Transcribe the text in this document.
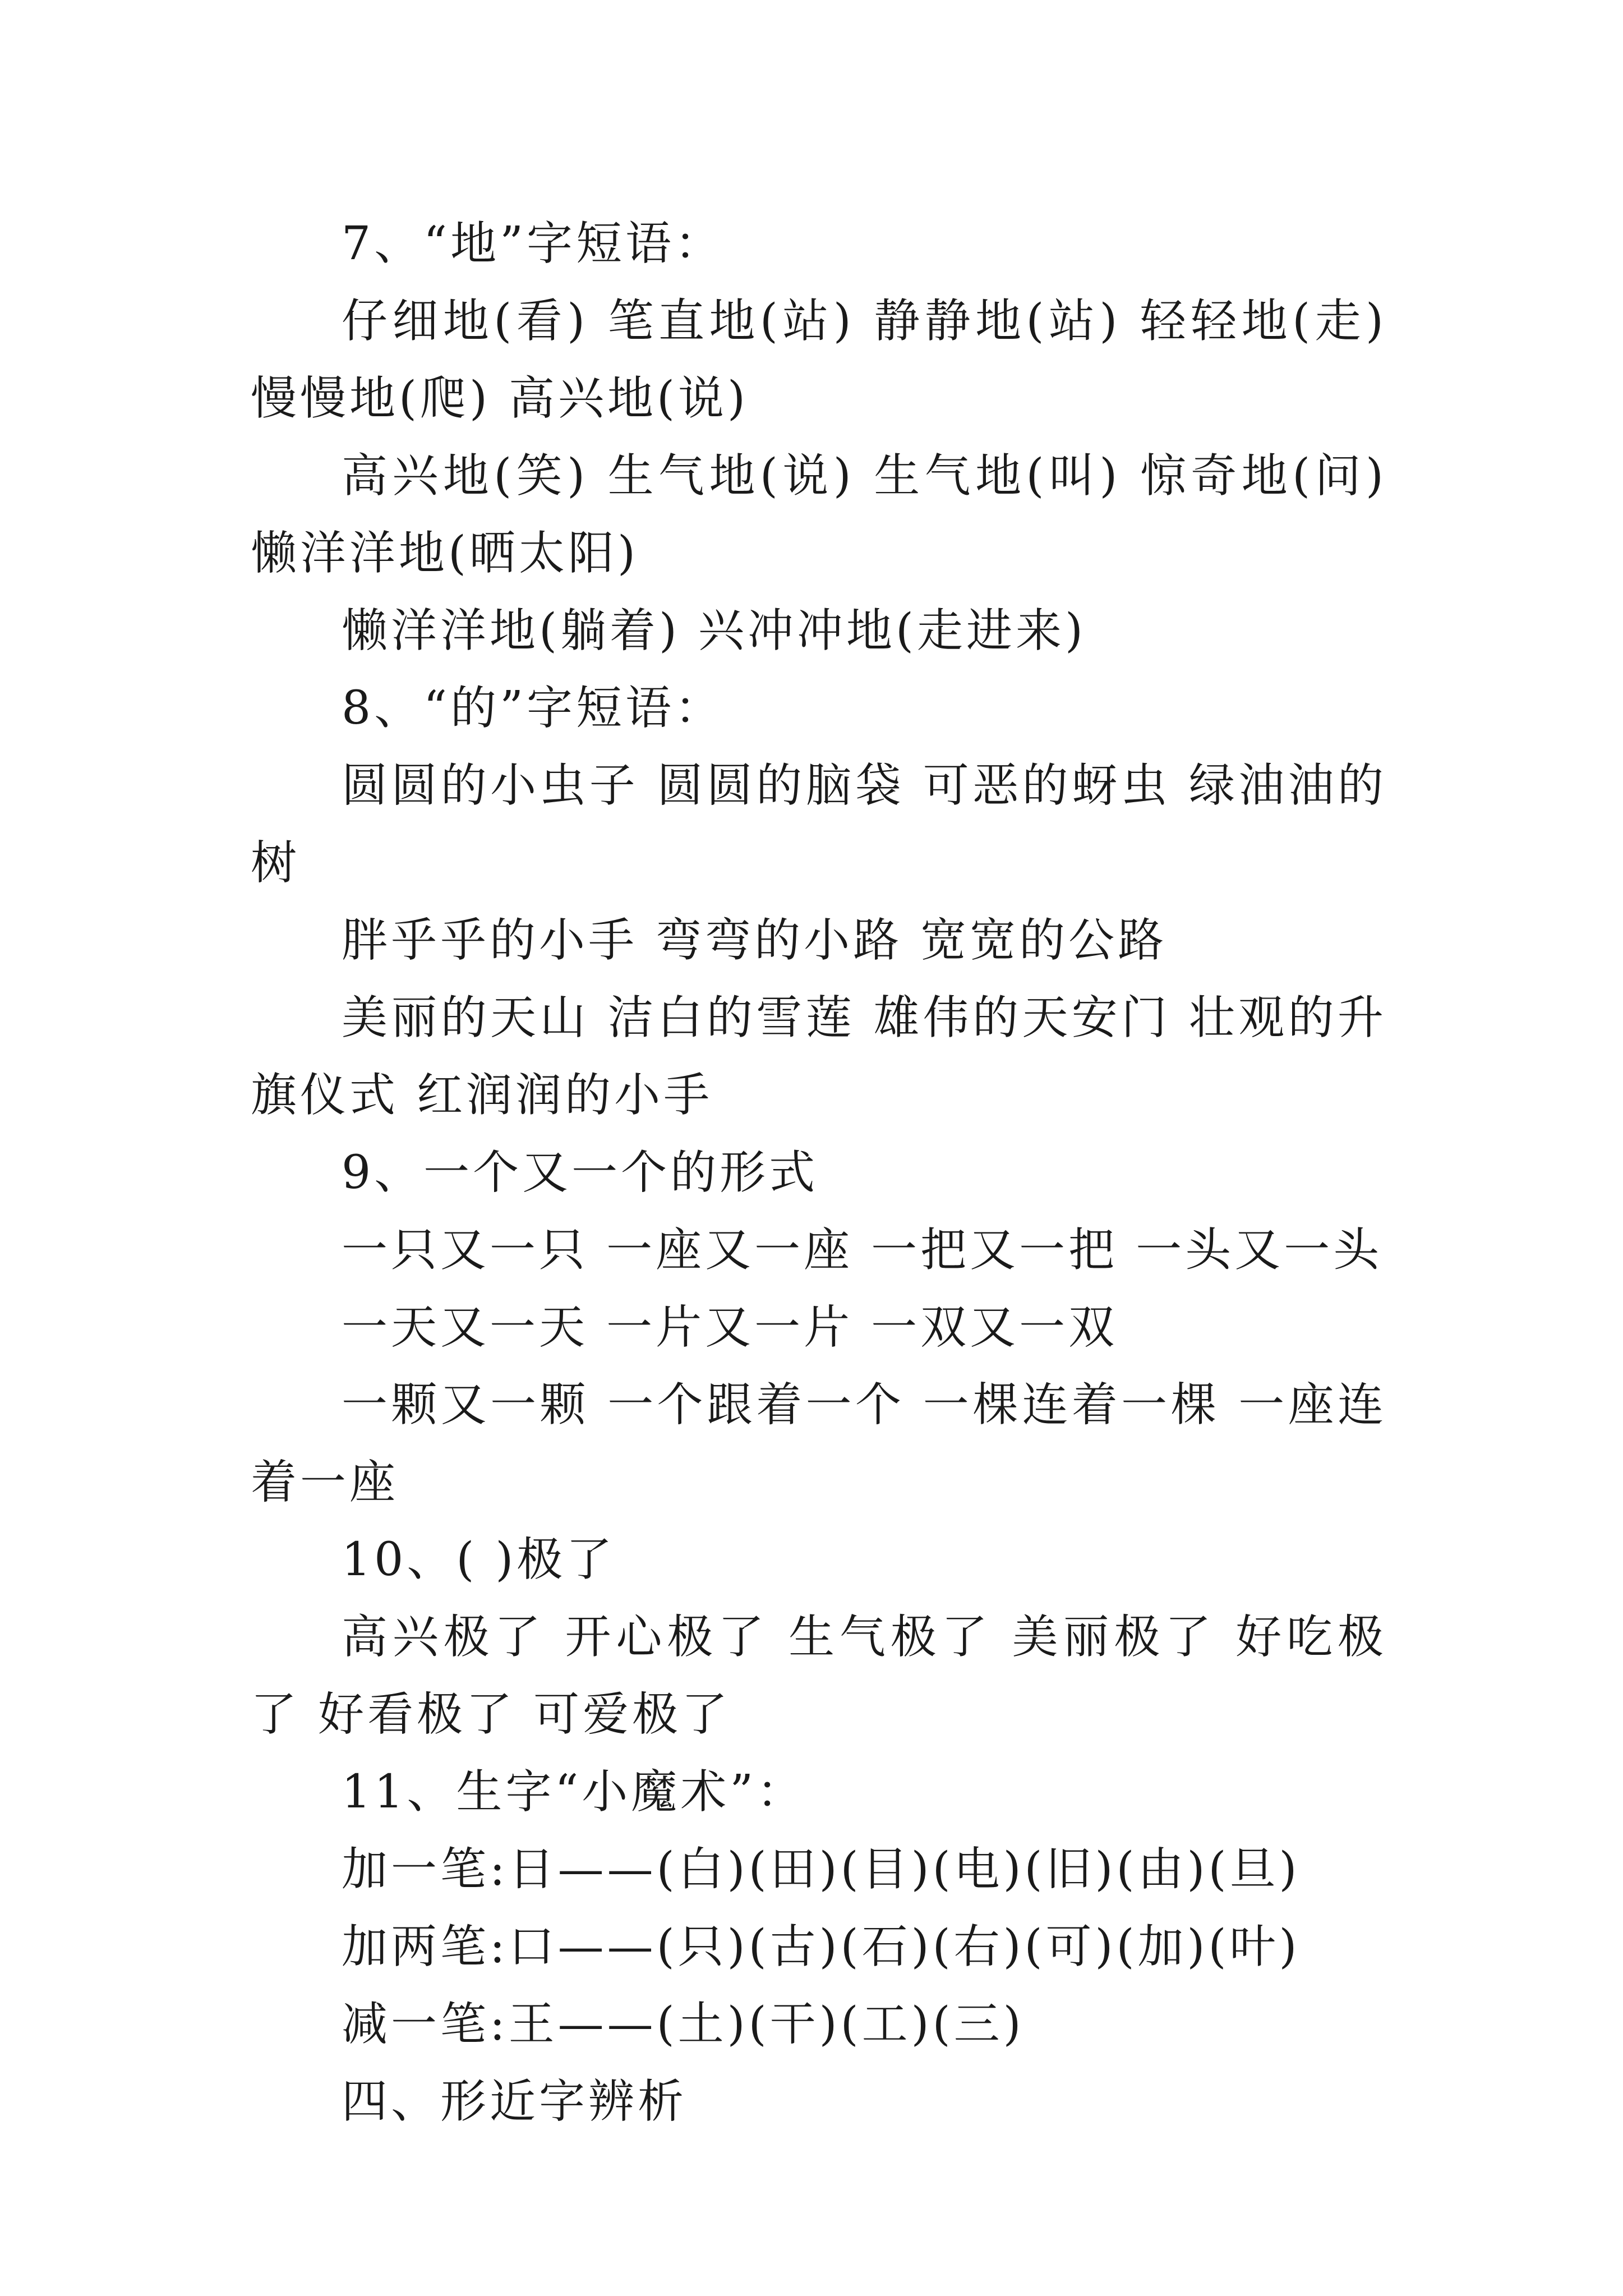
7、“地”字短语：

仔细地(看) 笔直地(站) 静静地(站) 轻轻地(走) 慢慢地(爬) 高兴地(说)

高兴地(笑) 生气地(说) 生气地(叫) 惊奇地(问) 懒洋洋地(晒太阳)

懒洋洋地(躺着) 兴冲冲地(走进来)

8、“的”字短语：

圆圆的小虫子 圆圆的脑袋 可恶的蚜虫 绿油油的树

胖乎乎的小手 弯弯的小路 宽宽的公路

美丽的天山 洁白的雪莲 雄伟的天安门 壮观的升旗仪式 红润润的小手

9、一个又一个的形式

一只又一只 一座又一座 一把又一把 一头又一头

一天又一天 一片又一片 一双又一双

一颗又一颗 一个跟着一个 一棵连着一棵 一座连着一座

10、( )极了

高兴极了 开心极了 生气极了 美丽极了 好吃极了 好看极了 可爱极了

11、生字“小魔术”：

加一笔:日——(白)(田)(目)(电)(旧)(由)(旦)

加两笔:口——(只)(古)(石)(右)(可)(加)(叶)

减一笔:王——(土)(干)(工)(三)

四、形近字辨析
